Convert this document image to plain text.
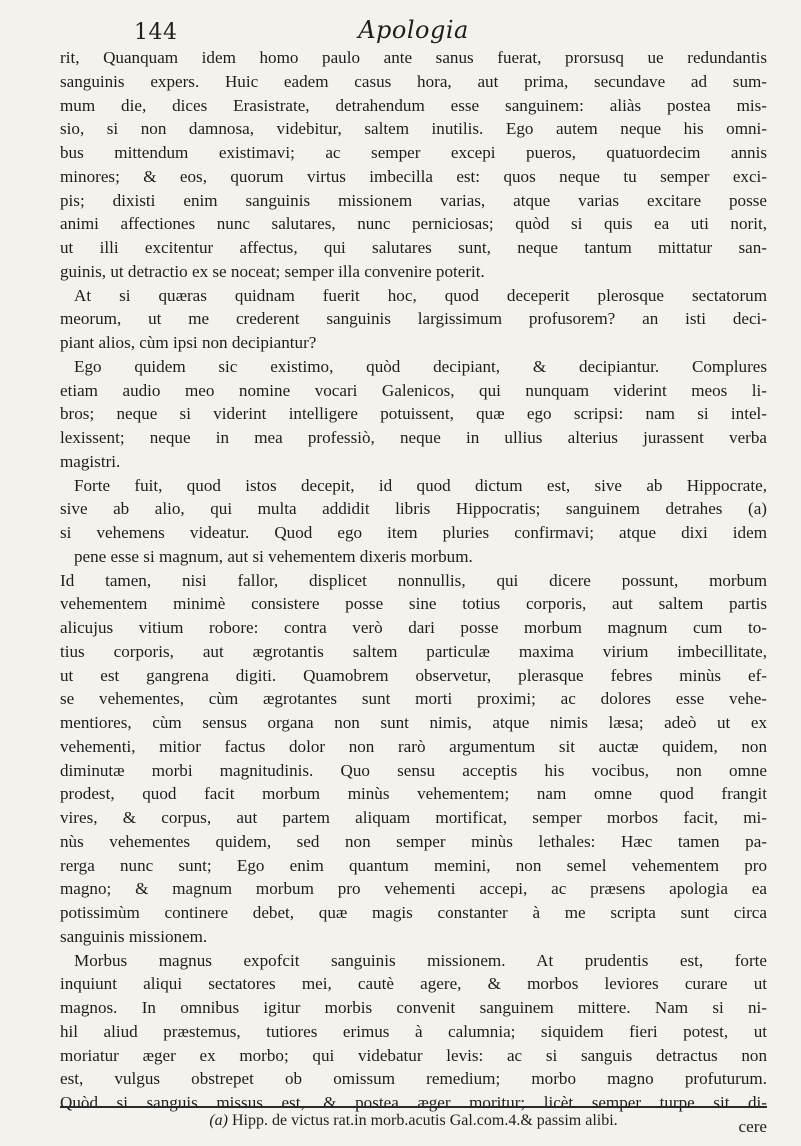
144	Apologia
rit, Quanquam idem homo paulo ante sanus fuerat, prorsusq ue redundantis
sanguinis expers. Huic eadem casus hora, aut prima, secundave ad sum-
mum die, dices Erasistrate, detrahendum esse sanguinem: aliàs postea mis-
sio, si non damnosa, videbitur, saltem inutilis. Ego autem neque his omni-
bus mittendum existimavi; ac semper excepi pueros, quatuordecim annis
minores; & eos, quorum virtus imbecilla est: quos neque tu semper exci-
pis; dixisti enim sanguinis missionem varias, atque varias excitare posse
animi affectiones nunc salutares, nunc perniciosas; quòd si quis ea uti norit,
ut illi excitentur affectus, qui salutares sunt, neque tantum mittatur san-
guinis, ut detractio ex se noceat; semper illa convenire poterit.
At si quæras quidnam fuerit hoc, quod deceperit plerosque sectatorum
meorum, ut me crederent sanguinis largissimum profusorem? an isti deci-
piant alios, cùm ipsi non decipiantur?
Ego quidem sic existimo, quòd decipiant, & decipiantur. Complures
etiam audio meo nomine vocari Galenicos, qui nunquam viderint meos li-
bros; neque si viderint intelligere potuissent, quæ ego scripsi: nam si intel-
lexissent; neque in mea professiò, neque in ullius alterius jurassent verba
magistri.
Forte fuit, quod istos decepit, id quod dictum est, sive ab Hippocrate,
sive ab alio, qui multa addidit libris Hippocratis; sanguinem detrahes (a)
si vehemens videatur. Quod ego item pluries confirmavi; atque dixi idem
pene esse si magnum, aut si vehementem dixeris morbum.
Id tamen, nisi fallor, displicet nonnullis, qui dicere possunt, morbum
vehementem minimè consistere posse sine totius corporis, aut saltem partis
alicujus vitium robore: contra verò dari posse morbum magnum cum to-
tius corporis, aut ægrotantis saltem particulæ maxima virium imbecillitate,
ut est gangrena digiti. Quamobrem observetur, plerasque febres minùs ef-
se vehementes, cùm ægrotantes sunt morti proximi; ac dolores esse vehe-
mentiores, cùm sensus organa non sunt nimis, atque nimis læsa; adeò ut ex
vehementi, mitior factus dolor non rarò argumentum sit auctæ quidem, non
diminutæ morbi magnitudinis. Quo sensu acceptis his vocibus, non omne
prodest, quod facit morbum minùs vehementem; nam omne quod frangit
vires, & corpus, aut partem aliquam mortificat, semper morbos facit, mi-
nùs vehementes quidem, sed non semper minùs lethales: Hæc tamen pa-
rerga nunc sunt; Ego enim quantum memini, non semel vehementem pro
magno; & magnum morbum pro vehementi accepi, ac præsens apologia ea
potissimùm continere debet, quæ magis constanter à me scripta sunt circa
sanguinis missionem.
Morbus magnus expofcit sanguinis missionem. At prudentis est, forte
inquiunt aliqui sectatores mei, cautè agere, & morbos leviores curare ut
magnos. In omnibus igitur morbis convenit sanguinem mittere. Nam si ni-
hil aliud præstemus, tutiores erimus à calumnia; siquidem fieri potest, ut
moriatur æger ex morbo; qui videbatur levis: ac si sanguis detractus non
est, vulgus obstrepet ob omissum remedium; morbo magno profuturum.
Quòd si sanguis missus est, & postea æger moritur; licèt semper turpe sit di-
cere
(a) Hipp. de victus rat.in morb.acutis Gal.com.4.& passim alibi.
